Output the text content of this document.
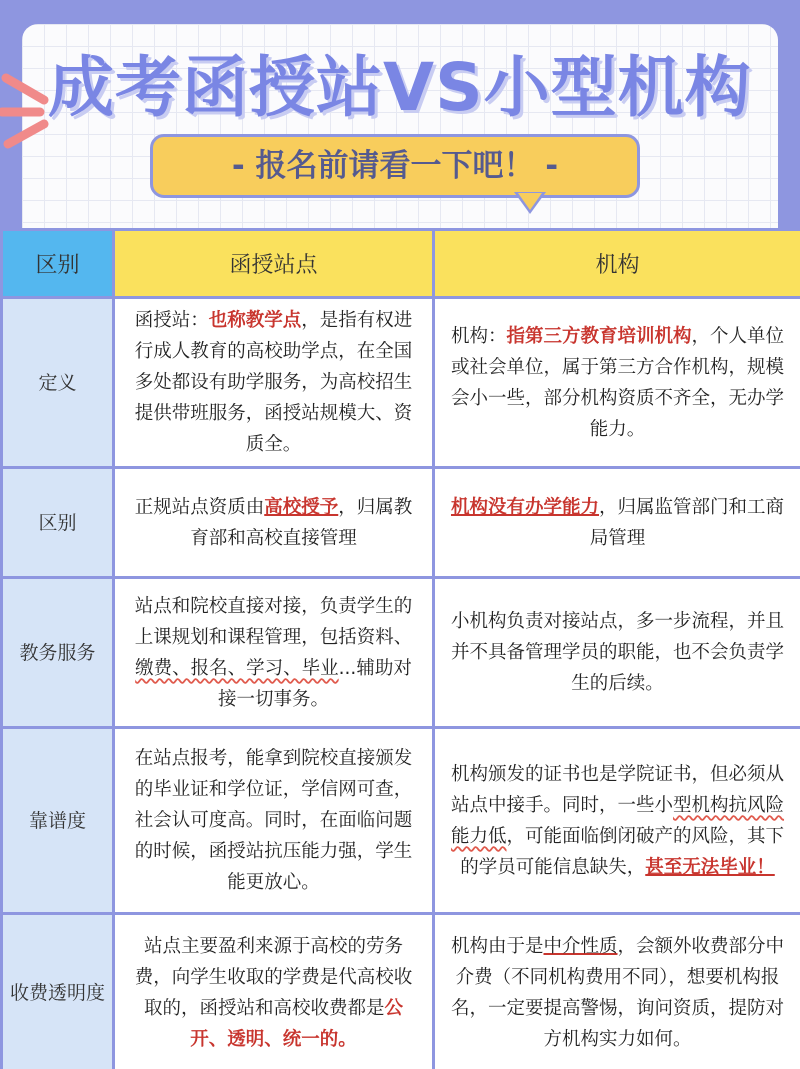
成考函授站VS小型机构
- 报名前请看一下吧！ -
区别	函授站点	机构
定义	函授站：也称教学点，是指有权进行成人教育的高校助学点，在全国多处都设有助学服务，为高校招生提供带班服务，函授站规模大、资质全。	机构：指第三方教育培训机构，个人单位或社会单位，属于第三方合作机构，规模会小一些，部分机构资质不齐全，无办学能力。
区别	正规站点资质由高校授予，归属教育部和高校直接管理	机构没有办学能力，归属监管部门和工商局管理
教务服务	站点和院校直接对接，负责学生的上课规划和课程管理，包括资料、缴费、报名、学习、毕业...辅助对接一切事务。	小机构负责对接站点，多一步流程，并且并不具备管理学员的职能，也不会负责学生的后续。
靠谱度	在站点报考，能拿到院校直接颁发的毕业证和学位证，学信网可查，社会认可度高。同时，在面临问题的时候，函授站抗压能力强，学生能更放心。	机构颁发的证书也是学院证书，但必须从站点中接手。同时，一些小型机构抗风险能力低，可能面临倒闭破产的风险，其下的学员可能信息缺失，甚至无法毕业！
收费透明度	站点主要盈利来源于高校的劳务费，向学生收取的学费是代高校收取的，函授站和高校收费都是公开、透明、统一的。	机构由于是中介性质，会额外收费部分中介费（不同机构费用不同），想要机构报名，一定要提高警惕，询问资质，提防对方机构实力如何。
